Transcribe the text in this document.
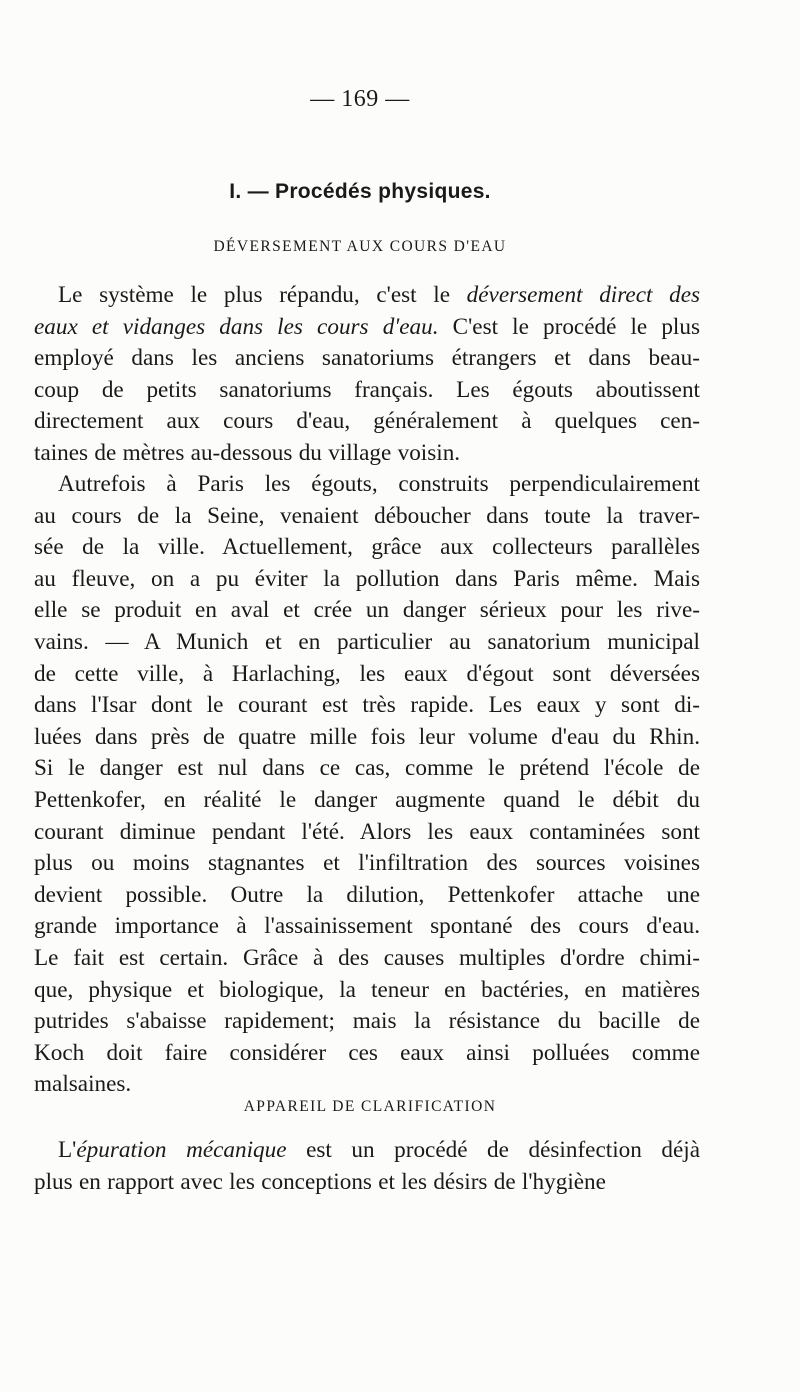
— 169 —
I. — Procédés physiques.
DÉVERSEMENT AUX COURS D'EAU
Le système le plus répandu, c'est le déversement direct des
eaux et vidanges dans les cours d'eau. C'est le procédé le plus
employé dans les anciens sanatoriums étrangers et dans beau-
coup de petits sanatoriums français. Les égouts aboutissent
directement aux cours d'eau, généralement à quelques cen-
taines de mètres au-dessous du village voisin.
Autrefois à Paris les égouts, construits perpendiculairement
au cours de la Seine, venaient déboucher dans toute la traver-
sée de la ville. Actuellement, grâce aux collecteurs parallèles
au fleuve, on a pu éviter la pollution dans Paris même. Mais
elle se produit en aval et crée un danger sérieux pour les rive-
vains. — A Munich et en particulier au sanatorium municipal
de cette ville, à Harlaching, les eaux d'égout sont déversées
dans l'Isar dont le courant est très rapide. Les eaux y sont di-
luées dans près de quatre mille fois leur volume d'eau du Rhin.
Si le danger est nul dans ce cas, comme le prétend l'école de
Pettenkofer, en réalité le danger augmente quand le débit du
courant diminue pendant l'été. Alors les eaux contaminées sont
plus ou moins stagnantes et l'infiltration des sources voisines
devient possible. Outre la dilution, Pettenkofer attache une
grande importance à l'assainissement spontané des cours d'eau.
Le fait est certain. Grâce à des causes multiples d'ordre chimi-
que, physique et biologique, la teneur en bactéries, en matières
putrides s'abaisse rapidement; mais la résistance du bacille de
Koch doit faire considérer ces eaux ainsi polluées comme
malsaines.
APPAREIL DE CLARIFICATION
L'épuration mécanique est un procédé de désinfection déjà
plus en rapport avec les conceptions et les désirs de l'hygiène
